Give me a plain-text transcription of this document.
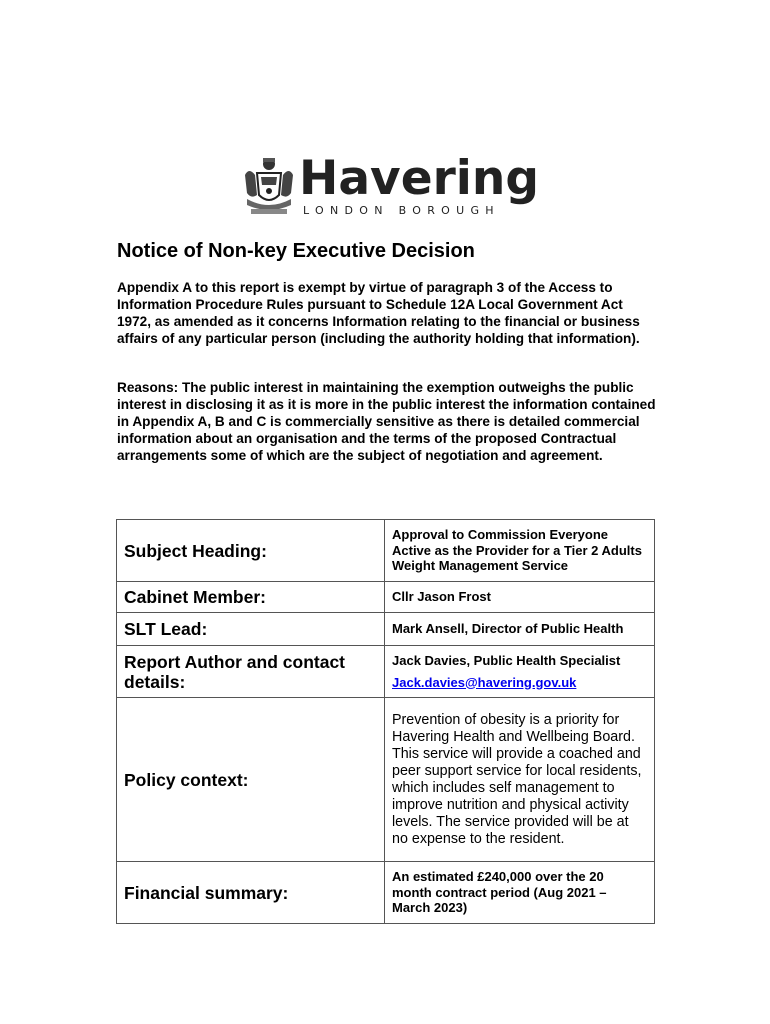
Havering
LONDON BOROUGH
Notice of Non-key Executive Decision

Appendix A to this report is exempt by virtue of paragraph 3 of the Access to Information Procedure Rules pursuant to Schedule 12A Local Government Act 1972, as amended as it concerns Information relating to the financial or business affairs of any particular person (including the authority holding that information).

Reasons: The public interest in maintaining the exemption outweighs the public interest in disclosing it as it is more in the public interest the information contained in Appendix A, B and C is commercially sensitive as there is detailed commercial information about an organisation and the terms of the proposed Contractual arrangements some of which are the subject of negotiation and agreement.

Subject Heading:	Approval to Commission Everyone Active as the Provider for a Tier 2 Adults Weight Management Service
Cabinet Member:	Cllr Jason Frost
SLT Lead:	Mark Ansell, Director of Public Health
Report Author and contact details:	Jack Davies, Public Health Specialist
Jack.davies@havering.gov.uk
Policy context:	Prevention of obesity is a priority for Havering Health and Wellbeing Board. This service will provide a coached and peer support service for local residents, which includes self management to improve nutrition and physical activity levels. The service provided will be at no expense to the resident.
Financial summary:	An estimated £240,000 over the 20 month contract period (Aug 2021 – March 2023)
